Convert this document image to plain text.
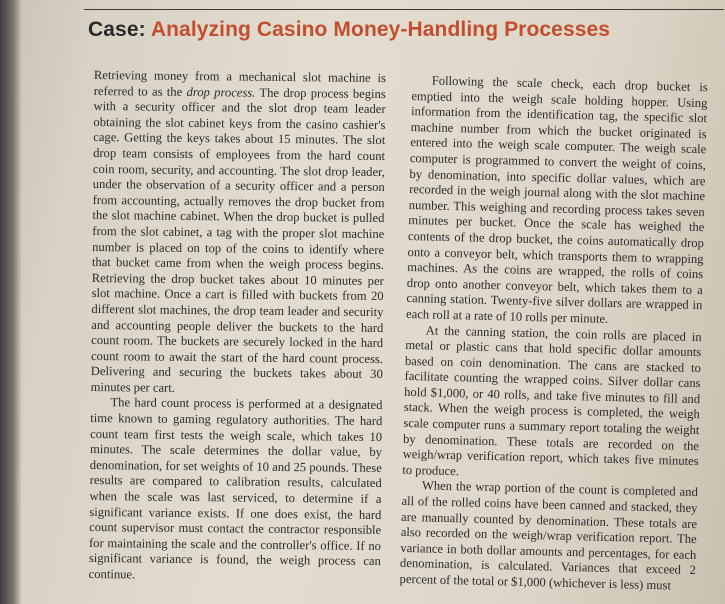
Case: Analyzing Casino Money-Handling Processes

Retrieving money from a mechanical slot machine is referred to as the drop process. The drop process begins with a security officer and the slot drop team leader obtaining the slot cabinet keys from the casino cashier's cage. Getting the keys takes about 15 minutes. The slot drop team consists of employees from the hard count coin room, security, and accounting. The slot drop leader, under the observation of a security officer and a person from accounting, actually removes the drop bucket from the slot machine cabinet. When the drop bucket is pulled from the slot cabinet, a tag with the proper slot machine number is placed on top of the coins to identify where that bucket came from when the weigh process begins. Retrieving the drop bucket takes about 10 minutes per slot machine. Once a cart is filled with buckets from 20 different slot machines, the drop team leader and security and accounting people deliver the buckets to the hard count room. The buckets are securely locked in the hard count room to await the start of the hard count process. Delivering and securing the buckets takes about 30 minutes per cart.

The hard count process is performed at a designated time known to gaming regulatory authorities. The hard count team first tests the weigh scale, which takes 10 minutes. The scale determines the dollar value, by denomination, for set weights of 10 and 25 pounds. These results are compared to calibration results, calculated when the scale was last serviced, to determine if a significant variance exists. If one does exist, the hard count supervisor must contact the contractor responsible for maintaining the scale and the controller's office. If no significant variance is found, the weigh process can continue.

Following the scale check, each drop bucket is emptied into the weigh scale holding hopper. Using information from the identification tag, the specific slot machine number from which the bucket originated is entered into the weigh scale computer. The weigh scale computer is programmed to convert the weight of coins, by denomination, into specific dollar values, which are recorded in the weigh journal along with the slot machine number. This weighing and recording process takes seven minutes per bucket. Once the scale has weighed the contents of the drop bucket, the coins automatically drop onto a conveyor belt, which transports them to wrapping machines. As the coins are wrapped, the rolls of coins drop onto another conveyor belt, which takes them to a canning station. Twenty-five silver dollars are wrapped in each roll at a rate of 10 rolls per minute.

At the canning station, the coin rolls are placed in metal or plastic cans that hold specific dollar amounts based on coin denomination. The cans are stacked to facilitate counting the wrapped coins. Silver dollar cans hold $1,000, or 40 rolls, and take five minutes to fill and stack. When the weigh process is completed, the weigh scale computer runs a summary report totaling the weight by denomination. These totals are recorded on the weigh/wrap verification report, which takes five minutes to produce.

When the wrap portion of the count is completed and all of the rolled coins have been canned and stacked, they are manually counted by denomination. These totals are also recorded on the weigh/wrap verification report. The variance in both dollar amounts and percentages, for each denomination, is calculated. Variances that exceed 2 percent of the total or $1,000 (whichever is less) must
